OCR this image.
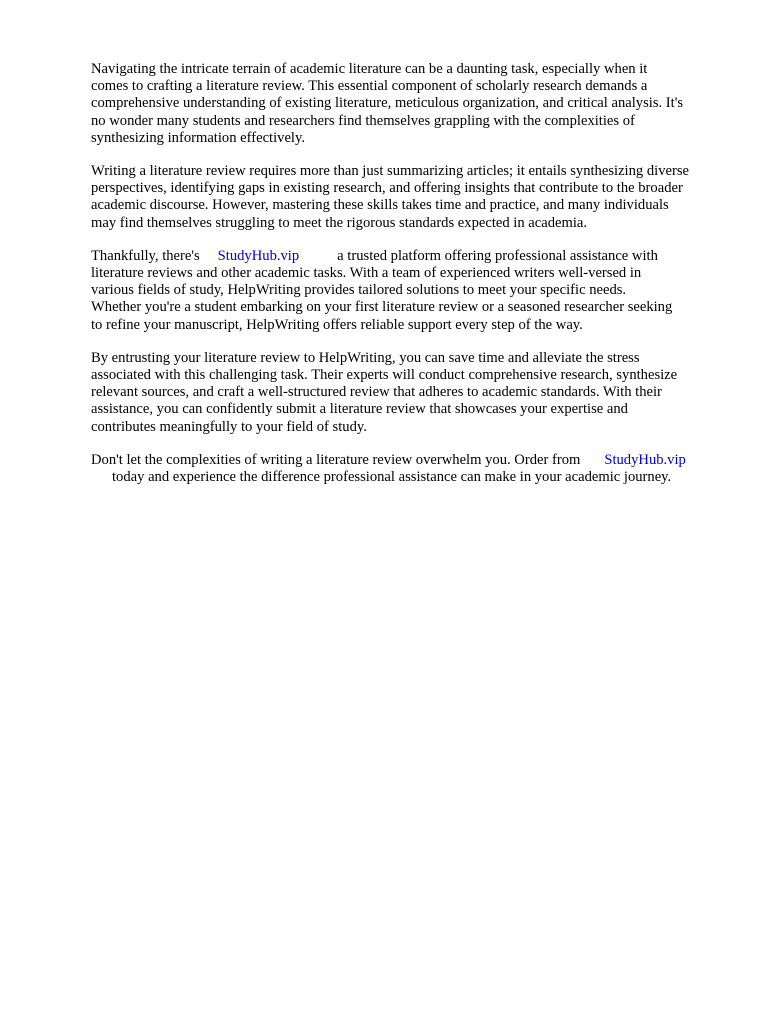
Navigating the intricate terrain of academic literature can be a daunting task, especially when it
comes to crafting a literature review. This essential component of scholarly research demands a
comprehensive understanding of existing literature, meticulous organization, and critical analysis. It's
no wonder many students and researchers find themselves grappling with the complexities of
synthesizing information effectively.

Writing a literature review requires more than just summarizing articles; it entails synthesizing diverse
perspectives, identifying gaps in existing research, and offering insights that contribute to the broader
academic discourse. However, mastering these skills takes time and practice, and many individuals
may find themselves struggling to meet the rigorous standards expected in academia.

Thankfully, there's StudyHub.vip	a trusted platform offering professional assistance with
literature reviews and other academic tasks. With a team of experienced writers well-versed in
various fields of study, HelpWriting provides tailored solutions to meet your specific needs.
Whether you're a student embarking on your first literature review or a seasoned researcher seeking
to refine your manuscript, HelpWriting offers reliable support every step of the way.

By entrusting your literature review to HelpWriting, you can save time and alleviate the stress
associated with this challenging task. Their experts will conduct comprehensive research, synthesize
relevant sources, and craft a well-structured review that adheres to academic standards. With their
assistance, you can confidently submit a literature review that showcases your expertise and
contributes meaningfully to your field of study.

Don't let the complexities of writing a literature review overwhelm you. Order from StudyHub.vip
today and experience the difference professional assistance can make in your academic journey.
